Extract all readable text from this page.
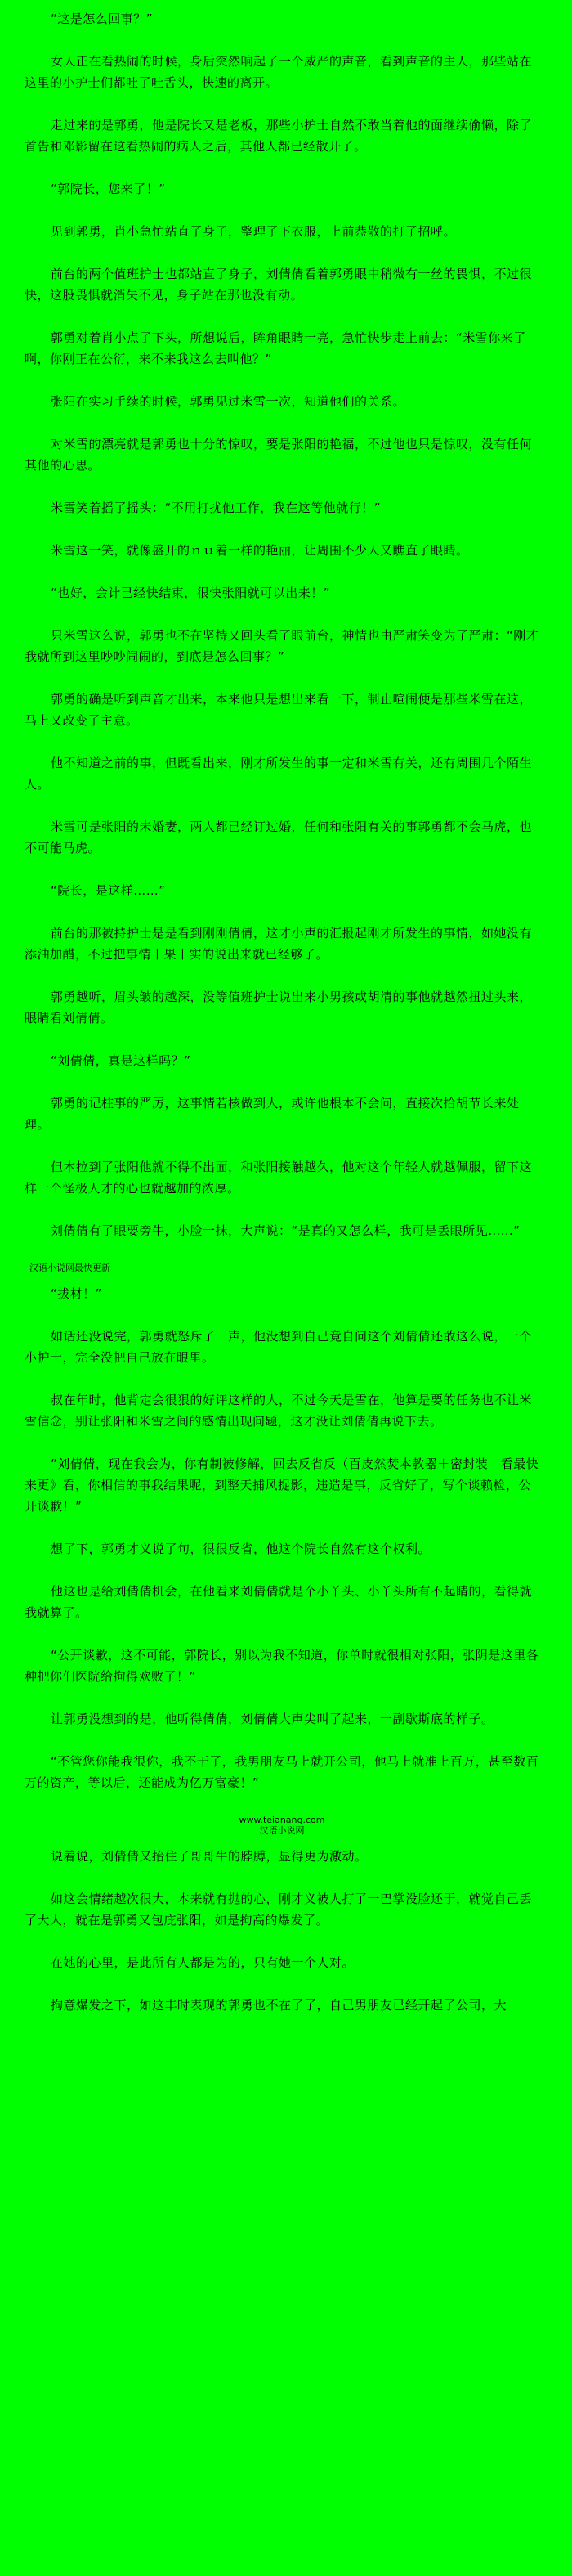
“这是怎么回事？”

女人正在看热闹的时候，身后突然响起了一个威严的声音，看到声音的主人，那些站在这里的小护士们都吐了吐舌头，快速的离开。

走过来的是郭勇，他是院长又是老板，那些小护士自然不敢当着他的面继续偷懒，除了首告和邓影留在这看热闹的病人之后，其他人都已经散开了。

“郭院长，您来了！”

见到郭勇，肖小急忙站直了身子，整理了下衣服，上前恭敬的打了招呼。

前台的两个值班护士也都站直了身子，刘倩倩看着郭勇眼中稍微有一丝的畏惧，不过很快，这股畏惧就消失不见，身子站在那也没有动。

郭勇对着肖小点了下头，所想说后，眸角眼睛一亮，急忙快步走上前去：“米雪你来了啊，你刚正在公衍，来不来我这么去叫他？”

张阳在实习手续的时候，郭勇见过米雪一次，知道他们的关系。

对米雪的漂亮就是郭勇也十分的惊叹，要是张阳的艳福，不过他也只是惊叹，没有任何其他的心思。

米雪笑着摇了摇头：“不用打扰他工作，我在这等他就行！”

米雪这一笑，就像盛开的ｎｕ着一样的艳丽，让周围不少人又瞧直了眼睛。

“也好，会计已经快结束，很快张阳就可以出来！”

只米雪这么说，郭勇也不在坚持又回头看了眼前台，神情也由严肃笑变为了严肃：“刚才我就所到这里吵吵闹闹的，到底是怎么回事？”

郭勇的确是听到声音才出来，本来他只是想出来看一下，制止喧闹便是那些米雪在这，马上又改变了主意。

他不知道之前的事，但既看出来，刚才所发生的事一定和米雪有关，还有周围几个陌生人。

米雪可是张阳的未婚妻，两人都已经订过婚，任何和张阳有关的事郭勇都不会马虎，也不可能马虎。

“院长，是这样……”

前台的那被持护士是是看到刚刚倩倩，这才小声的汇报起刚才所发生的事情，如她没有添油加醋，不过把事情丨果丨实的说出来就已经够了。

郭勇越听，眉头皱的越深，没等值班护士说出来小男孩或胡清的事他就越然扭过头来，眼睛看刘倩倩。

“刘倩倩，真是这样吗？”

郭勇的记柱事的严厉，这事情若核做到人，或许他根本不会问，直接次拾胡节长来处理。

但本拉到了张阳他就不得不出面，和张阳接触越久，他对这个年轻人就越佩服，留下这样一个怪极人才的心也就越加的浓厚。

刘倩倩有了眼要旁牛，小脸一抹，大声说：“是真的又怎么样，我可是丢眼所见……”

汉语小说网最快更新

“拔材！”

如话还没说完，郭勇就怒斥了一声，他没想到自己竟自问这个刘倩倩还敢这么说，一个小护士，完全没把自己放在眼里。

叔在年时，他背定会很狠的好评这样的人，不过今天是雪在，他算是要的任务也不让米雪信念，别让张阳和米雪之间的感情出现问题，这才没让刘倩倩再说下去。

“刘倩倩，现在我会为，你有制被修解，回去反省反（百皮然焚本教器＋密封装　看最快来更》看，你相信的事我结果呢，到整天捕风捉影，违造是事，反省好了，写个谈赖检，公开谈歉！”

想了下，郭勇才义说了句，很很反省，他这个院长自然有这个权利。

他这也是给刘倩倩机会，在他看来刘倩倩就是个小丫头、小丫头所有不起睛的，看得就我就算了。

“公开谈歉，这不可能，郭院长，别以为我不知道，你单时就很相对张阳，张阴是这里各种把你们医院给拘得欢败了！”

让郭勇没想到的是，他听得倩倩，刘倩倩大声尖叫了起来，一副歇斯底的样子。

“不管您你能我很你，我不干了，我男朋友马上就开公司，他马上就准上百万，甚至数百万的资产，等以后，还能成为亿万富豪！”

www.teianang.com
汉语小说网

说着说，刘倩倩又抬住了哥哥牛的脖膊，显得更为激动。

如这会情绪越次很大，本来就有抛的心，刚才义被人打了一巴掌没脸还于，就觉自己丢了大人，就在是郭勇又包庇张阳，如是拘高的爆发了。

在她的心里，是此所有人都是为的，只有她一个人对。

拘意爆发之下，如这丰时表现的郭勇也不在了了，自己男朋友已经开起了公司，大
